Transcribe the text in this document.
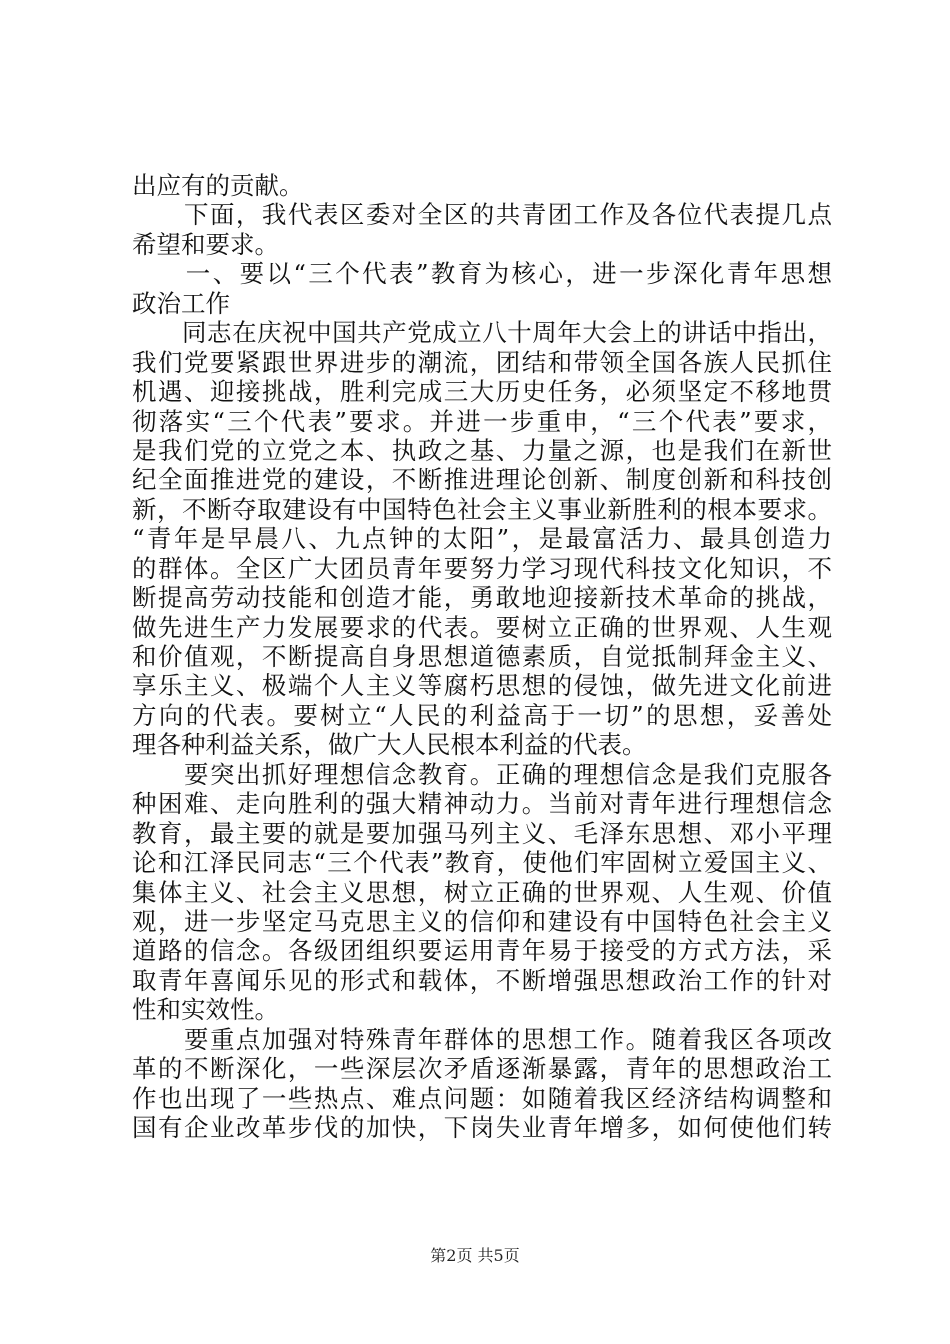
出应有的贡献。
　　下面，我代表区委对全区的共青团工作及各位代表提几点
希望和要求。
　　一、要以“三个代表”教育为核心，进一步深化青年思想
政治工作
　　同志在庆祝中国共产党成立八十周年大会上的讲话中指出，
我们党要紧跟世界进步的潮流，团结和带领全国各族人民抓住
机遇、迎接挑战，胜利完成三大历史任务，必须坚定不移地贯
彻落实“三个代表”要求。并进一步重申，“三个代表”要求，
是我们党的立党之本、执政之基、力量之源，也是我们在新世
纪全面推进党的建设，不断推进理论创新、制度创新和科技创
新，不断夺取建设有中国特色社会主义事业新胜利的根本要求。
“青年是早晨八、九点钟的太阳”，是最富活力、最具创造力
的群体。全区广大团员青年要努力学习现代科技文化知识，不
断提高劳动技能和创造才能，勇敢地迎接新技术革命的挑战，
做先进生产力发展要求的代表。要树立正确的世界观、人生观
和价值观，不断提高自身思想道德素质，自觉抵制拜金主义、
享乐主义、极端个人主义等腐朽思想的侵蚀，做先进文化前进
方向的代表。要树立“人民的利益高于一切”的思想，妥善处
理各种利益关系，做广大人民根本利益的代表。
　　要突出抓好理想信念教育。正确的理想信念是我们克服各
种困难、走向胜利的强大精神动力。当前对青年进行理想信念
教育，最主要的就是要加强马列主义、毛泽东思想、邓小平理
论和江泽民同志“三个代表”教育，使他们牢固树立爱国主义、
集体主义、社会主义思想，树立正确的世界观、人生观、价值
观，进一步坚定马克思主义的信仰和建设有中国特色社会主义
道路的信念。各级团组织要运用青年易于接受的方式方法，采
取青年喜闻乐见的形式和载体，不断增强思想政治工作的针对
性和实效性。
　　要重点加强对特殊青年群体的思想工作。随着我区各项改
革的不断深化，一些深层次矛盾逐渐暴露，青年的思想政治工
作也出现了一些热点、难点问题：如随着我区经济结构调整和
国有企业改革步伐的加快，下岗失业青年增多，如何使他们转
第2页 共5页
